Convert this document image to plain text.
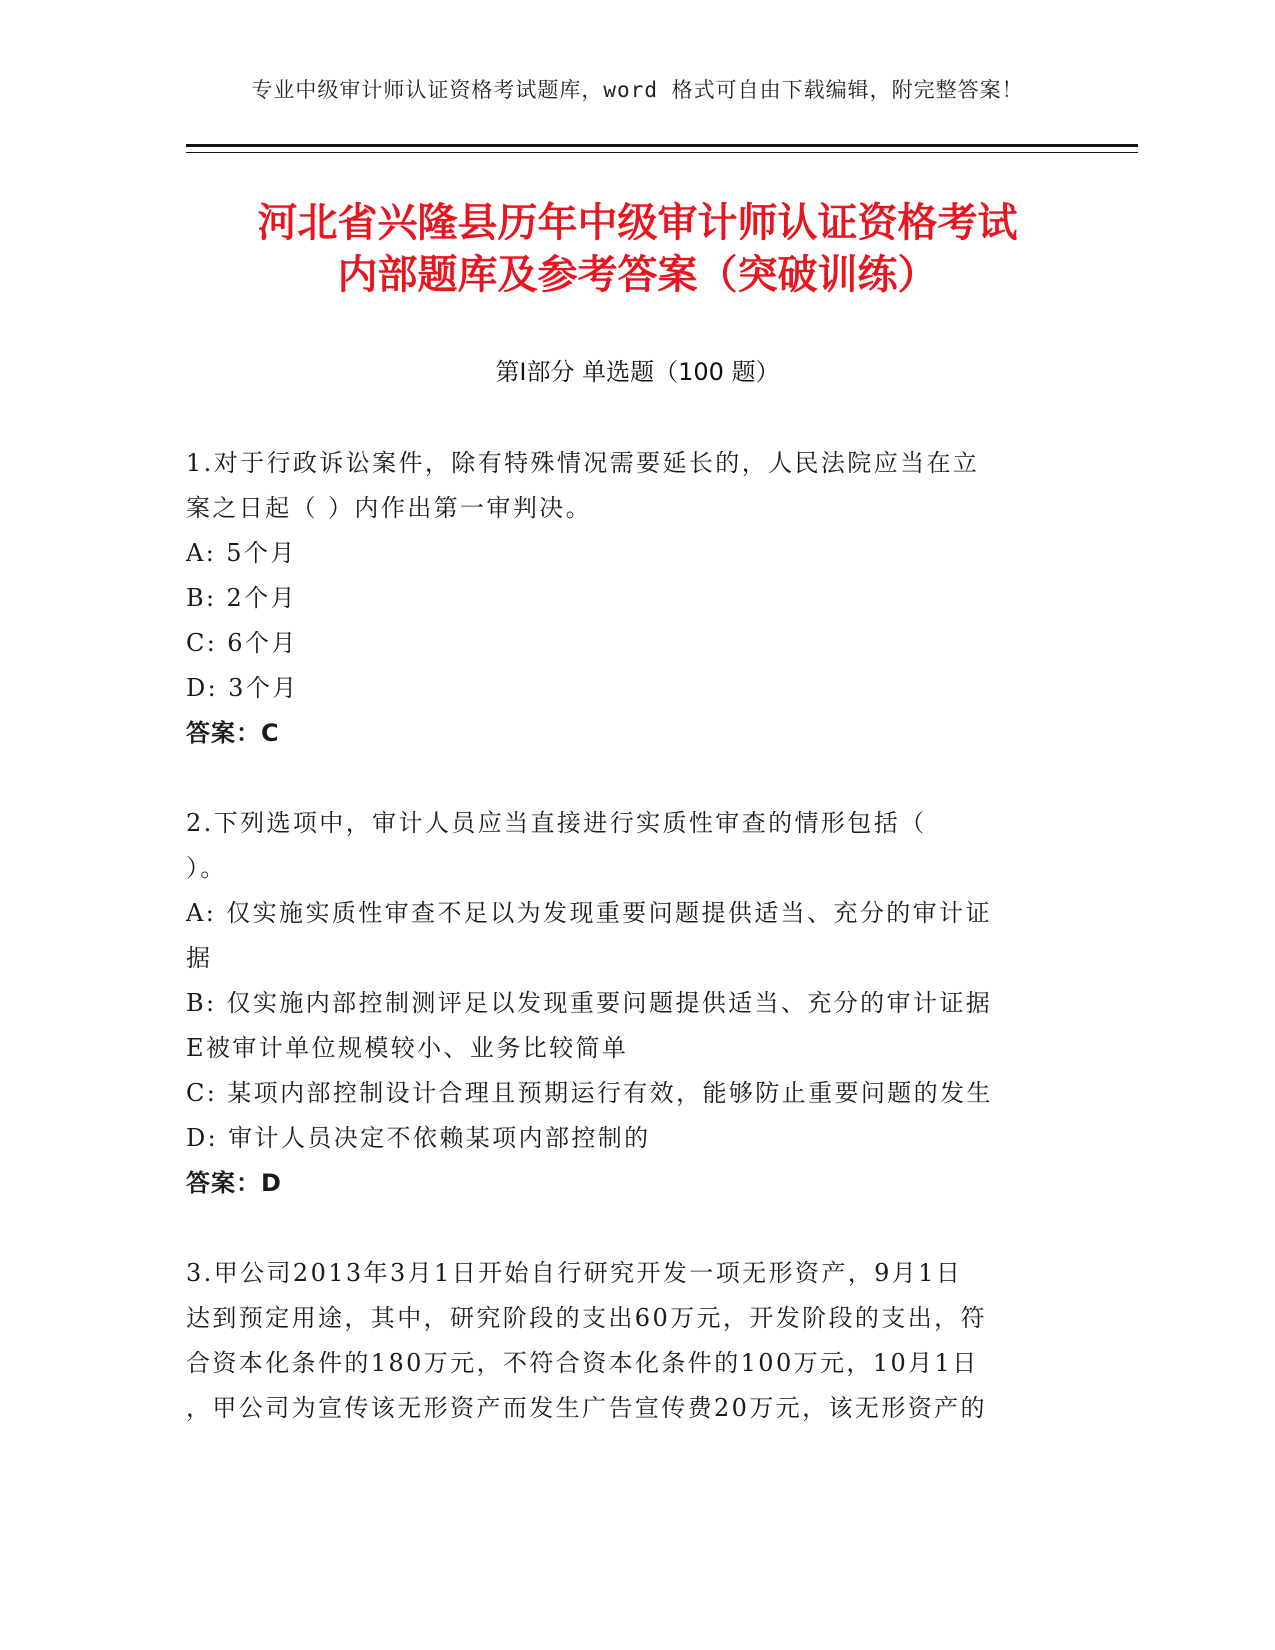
专业中级审计师认证资格考试题库，word 格式可自由下载编辑，附完整答案！
河北省兴隆县历年中级审计师认证资格考试
内部题库及参考答案（突破训练）
第Ⅰ部分 单选题（100 题）
1.对于行政诉讼案件，除有特殊情况需要延长的，人民法院应当在立
案之日起（ ）内作出第一审判决。
A: 5个月
B: 2个月
C: 6个月
D: 3个月
答案：C
2.下列选项中，审计人员应当直接进行实质性审查的情形包括（
）。
A: 仅实施实质性审查不足以为发现重要问题提供适当、充分的审计证
据
B: 仅实施内部控制测评足以发现重要问题提供适当、充分的审计证据
E被审计单位规模较小、业务比较简单
C: 某项内部控制设计合理且预期运行有效，能够防止重要问题的发生
D: 审计人员决定不依赖某项内部控制的
答案：D
3.甲公司2013年3月1日开始自行研究开发一项无形资产，9月1日
达到预定用途，其中，研究阶段的支出60万元，开发阶段的支出，符
合资本化条件的180万元，不符合资本化条件的100万元，10月1日
，甲公司为宣传该无形资产而发生广告宣传费20万元，该无形资产的
